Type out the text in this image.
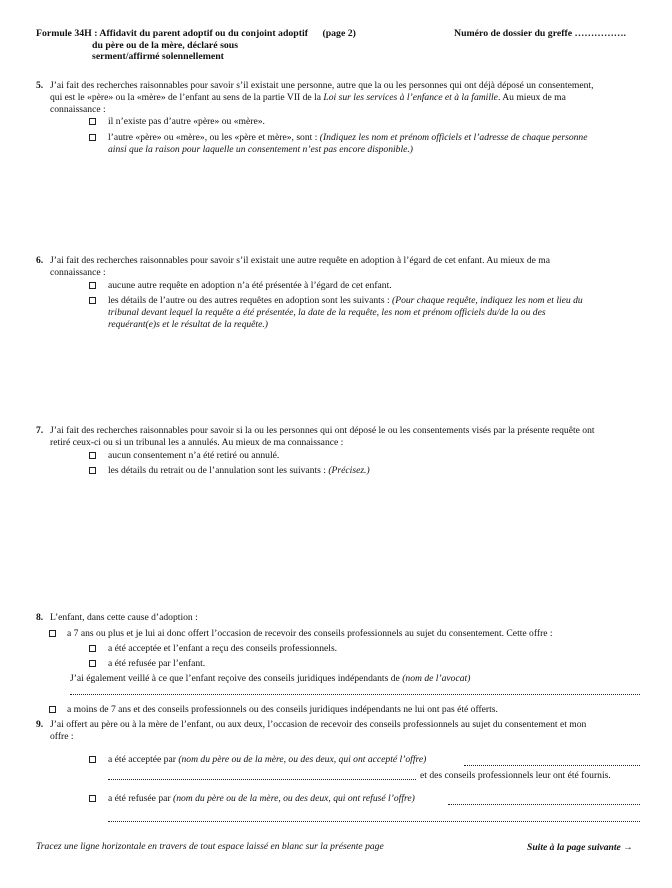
Formule 34H : Affidavit du parent adoptif ou du conjoint adoptif (page 2)	Numéro de dossier du greffe …………….
du père ou de la mère, déclaré sous
serment/affirmé solennellement
5. J’ai fait des recherches raisonnables pour savoir s’il existait une personne, autre que la ou les personnes qui ont déjà déposé un consentement,
qui est le «père» ou la «mère» de l’enfant au sens de la partie VII de la Loi sur les services à l’enfance et à la famille. Au mieux de ma
connaissance :
il n’existe pas d’autre «père» ou «mère».
l’autre «père» ou «mère», ou les «père et mère», sont : (Indiquez les nom et prénom officiels et l’adresse de chaque personne
ainsi que la raison pour laquelle un consentement n’est pas encore disponible.)
6. J’ai fait des recherches raisonnables pour savoir s’il existait une autre requête en adoption à l’égard de cet enfant. Au mieux de ma
connaissance :
aucune autre requête en adoption n’a été présentée à l’égard de cet enfant.
les détails de l’autre ou des autres requêtes en adoption sont les suivants : (Pour chaque requête, indiquez les nom et lieu du
tribunal devant lequel la requête a été présentée, la date de la requête, les nom et prénom officiels du/de la ou des
requérant(e)s et le résultat de la requête.)
7. J’ai fait des recherches raisonnables pour savoir si la ou les personnes qui ont déposé le ou les consentements visés par la présente requête ont
retiré ceux-ci ou si un tribunal les a annulés. Au mieux de ma connaissance :
aucun consentement n’a été retiré ou annulé.
les détails du retrait ou de l’annulation sont les suivants : (Précisez.)
8. L’enfant, dans cette cause d’adoption :
a 7 ans ou plus et je lui ai donc offert l’occasion de recevoir des conseils professionnels au sujet du consentement. Cette offre :
a été acceptée et l’enfant a reçu des conseils professionnels.
a été refusée par l’enfant.
J’ai également veillé à ce que l’enfant reçoive des conseils juridiques indépendants de (nom de l’avocat)
a moins de 7 ans et des conseils professionnels ou des conseils juridiques indépendants ne lui ont pas été offerts.
9. J’ai offert au père ou à la mère de l’enfant, ou aux deux, l’occasion de recevoir des conseils professionnels au sujet du consentement et mon
offre :
a été acceptée par (nom du père ou de la mère, ou des deux, qui ont accepté l’offre)
et des conseils professionnels leur ont été fournis.
a été refusée par (nom du père ou de la mère, ou des deux, qui ont refusé l’offre)
Tracez une ligne horizontale en travers de tout espace laissé en blanc sur la présente page	Suite à la page suivante →
